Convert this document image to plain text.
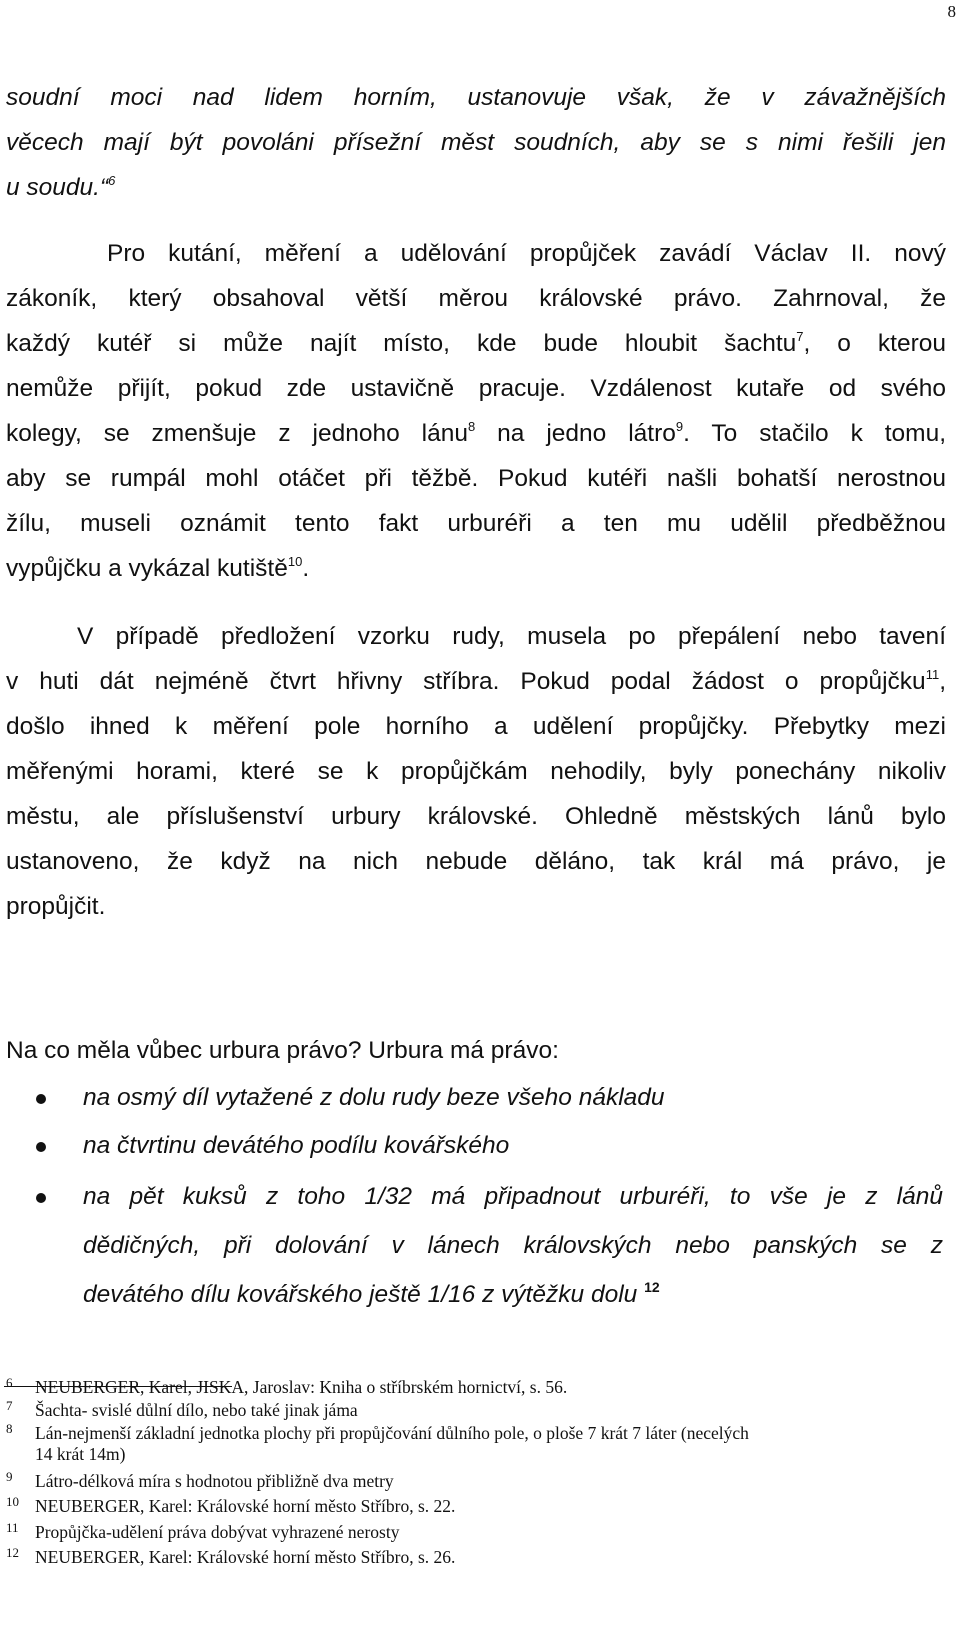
8
soudní moci nad lidem horním, ustanovuje však, že v závažnějších
věcech mají být povoláni přísežní měst soudních, aby se s nimi řešili jen
u soudu.“$^6$
Pro kutání, měření a udělování propůjček zavádí Václav II. nový
zákoník, který obsahoval větší měrou královské právo. Zahrnoval, že
každý kutéř si může najít místo, kde bude hloubit šachtu$^7$, o kterou
nemůže přijít, pokud zde ustavičně pracuje. Vzdálenost kutaře od svého
kolegy, se zmenšuje z jednoho lánu$^8$ na jedno látro$^9$. To stačilo k tomu,
aby se rumpál mohl otáčet při těžbě. Pokud kutéři našli bohatší nerostnou
žílu, museli oznámit tento fakt urburéři a ten mu udělil předběžnou
vypůjčku a vykázal kutiště$^{10}$.
V případě předložení vzorku rudy, musela po přepálení nebo tavení
v huti dát nejméně čtvrt hřivny stříbra. Pokud podal žádost o propůjčku$^{11}$,
došlo ihned k měření pole horního a udělení propůjčky. Přebytky mezi
měřenými horami, které se k propůjčkám nehodily, byly ponechány nikoliv
městu, ale příslušenství urbury královské. Ohledně městských lánů bylo
ustanoveno, že když na nich nebude děláno, tak král má právo, je
propůjčit.
Na co měla vůbec urbura právo? Urbura má právo:
na osmý díl vytažené z dolu rudy beze všeho nákladu
na čtvrtinu devátého podílu kovářského
na pět kuksů z toho 1/32 má připadnout urburéři, to vše je z lánů
dědičných, při dolování v lánech královských nebo panských se z
devátého dílu kovářského ještě 1/16 z výtěžku dolu $^{12}$
6 NEUBERGER, Karel, JISKA, Jaroslav: Kniha o stříbrském hornictví, s. 56.
7 Šachta- svislé důlní dílo, nebo také jinak jáma
8 Lán-nejmenší základní jednotka plochy při propůjčování důlního pole, o ploše 7 krát 7 láter (necelých
14 krát 14m)
9 Látro-délková míra s hodnotou přibližně dva metry
10 NEUBERGER, Karel: Královské horní město Stříbro, s. 22.
11 Propůjčka-udělení práva dobývat vyhrazené nerosty
12 NEUBERGER, Karel: Královské horní město Stříbro, s. 26.
